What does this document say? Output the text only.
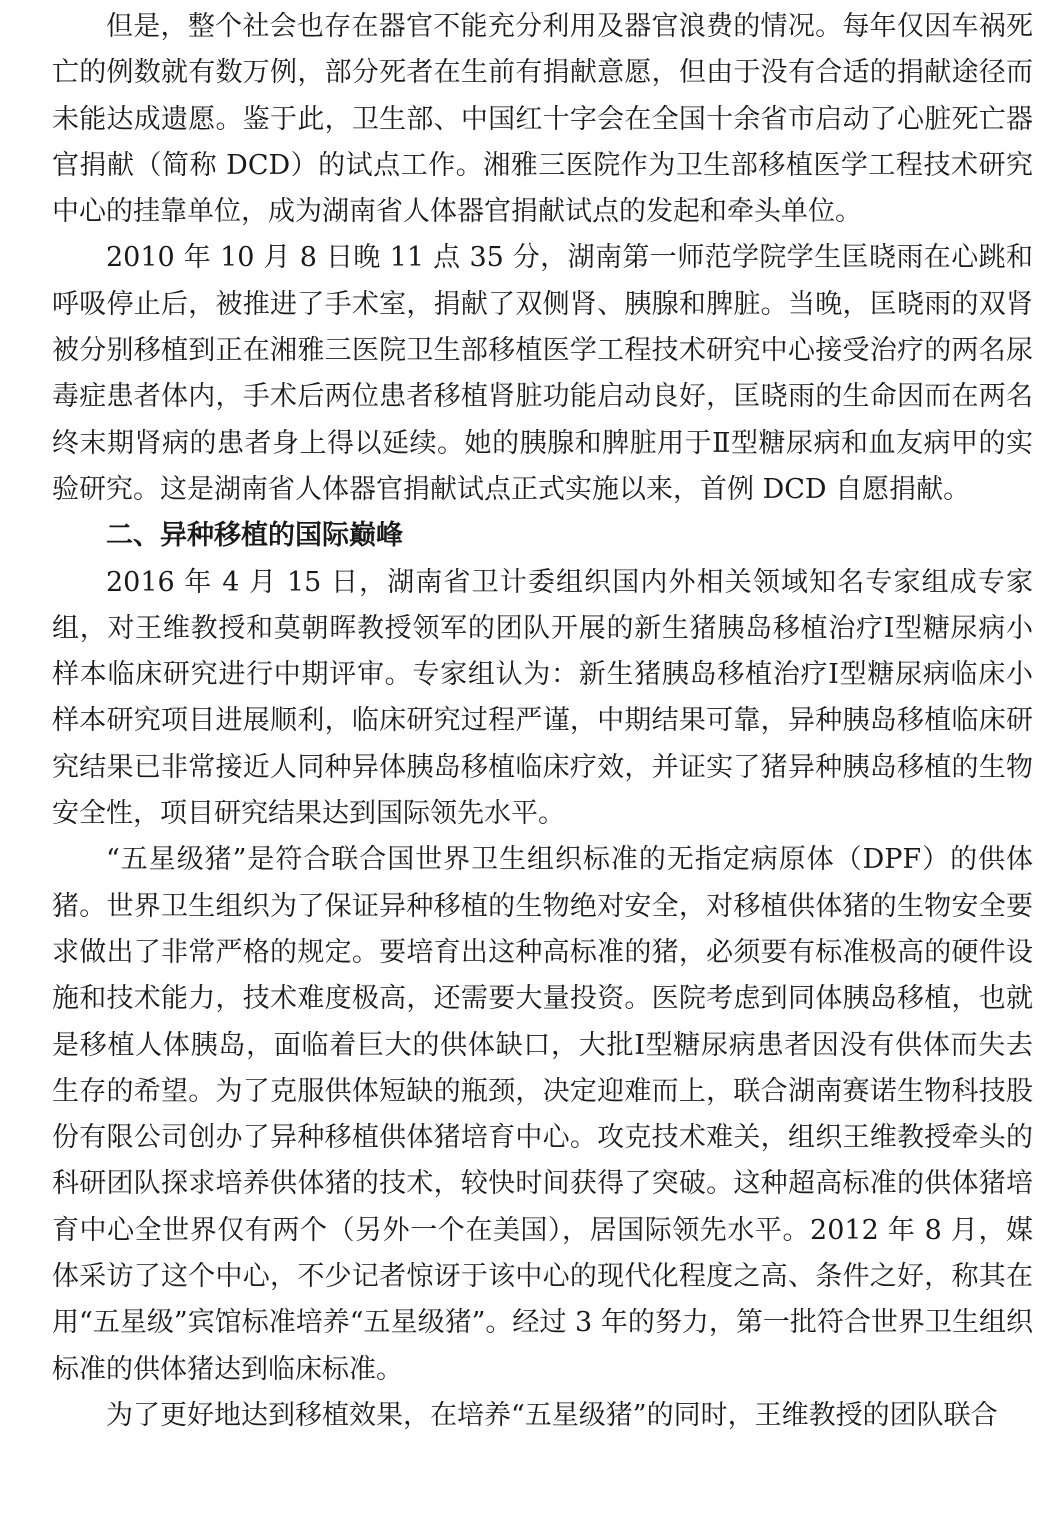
但是，整个社会也存在器官不能充分利用及器官浪费的情况。每年仅因车祸死亡的例数就有数万例，部分死者在生前有捐献意愿，但由于没有合适的捐献途径而未能达成遗愿。鉴于此，卫生部、中国红十字会在全国十余省市启动了心脏死亡器官捐献（简称 DCD）的试点工作。湘雅三医院作为卫生部移植医学工程技术研究中心的挂靠单位，成为湖南省人体器官捐献试点的发起和牵头单位。

2010 年 10 月 8 日晚 11 点 35 分，湖南第一师范学院学生匡晓雨在心跳和呼吸停止后，被推进了手术室，捐献了双侧肾、胰腺和脾脏。当晚，匡晓雨的双肾被分别移植到正在湘雅三医院卫生部移植医学工程技术研究中心接受治疗的两名尿毒症患者体内，手术后两位患者移植肾脏功能启动良好，匡晓雨的生命因而在两名终末期肾病的患者身上得以延续。她的胰腺和脾脏用于Ⅱ型糖尿病和血友病甲的实验研究。这是湖南省人体器官捐献试点正式实施以来，首例 DCD 自愿捐献。

二、异种移植的国际巅峰

2016 年 4 月 15 日，湖南省卫计委组织国内外相关领域知名专家组成专家组，对王维教授和莫朝晖教授领军的团队开展的新生猪胰岛移植治疗Ⅰ型糖尿病小样本临床研究进行中期评审。专家组认为：新生猪胰岛移植治疗Ⅰ型糖尿病临床小样本研究项目进展顺利，临床研究过程严谨，中期结果可靠，异种胰岛移植临床研究结果已非常接近人同种异体胰岛移植临床疗效，并证实了猪异种胰岛移植的生物安全性，项目研究结果达到国际领先水平。

“五星级猪”是符合联合国世界卫生组织标准的无指定病原体（DPF）的供体猪。世界卫生组织为了保证异种移植的生物绝对安全，对移植供体猪的生物安全要求做出了非常严格的规定。要培育出这种高标准的猪，必须要有标准极高的硬件设施和技术能力，技术难度极高，还需要大量投资。医院考虑到同体胰岛移植，也就是移植人体胰岛，面临着巨大的供体缺口，大批Ⅰ型糖尿病患者因没有供体而失去生存的希望。为了克服供体短缺的瓶颈，决定迎难而上，联合湖南赛诺生物科技股份有限公司创办了异种移植供体猪培育中心。攻克技术难关，组织王维教授牵头的科研团队探求培养供体猪的技术，较快时间获得了突破。这种超高标准的供体猪培育中心全世界仅有两个（另外一个在美国），居国际领先水平。2012 年 8 月，媒体采访了这个中心，不少记者惊讶于该中心的现代化程度之高、条件之好，称其在用“五星级”宾馆标准培养“五星级猪”。经过 3 年的努力，第一批符合世界卫生组织标准的供体猪达到临床标准。

为了更好地达到移植效果，在培养“五星级猪”的同时，王维教授的团队联合
